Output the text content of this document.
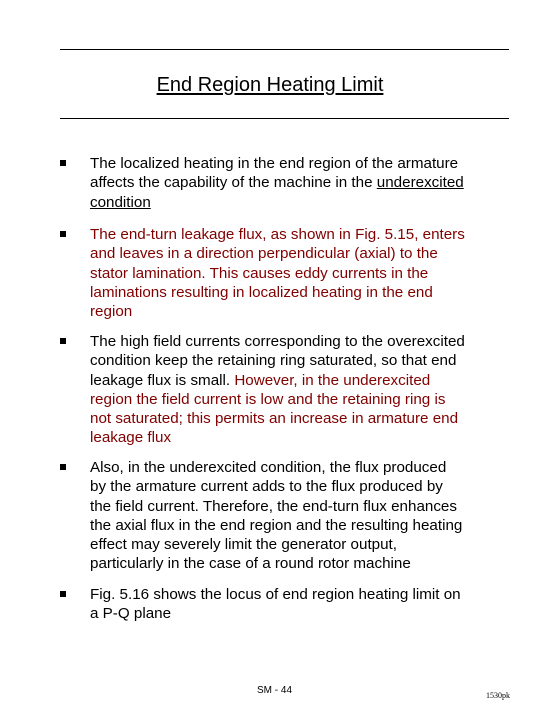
End Region Heating Limit
The localized heating in the end region of the armature
affects the capability of the machine in the underexcited
condition
The end-turn leakage flux, as shown in Fig. 5.15, enters
and leaves in a direction perpendicular (axial) to the
stator lamination. This causes eddy currents in the
laminations resulting in localized heating in the end
region
The high field currents corresponding to the overexcited
condition keep the retaining ring saturated, so that end
leakage flux is small. However, in the underexcited
region the field current is low and the retaining ring is
not saturated; this permits an increase in armature end
leakage flux
Also, in the underexcited condition, the flux produced
by the armature current adds to the flux produced by
the field current. Therefore, the end-turn flux enhances
the axial flux in the end region and the resulting heating
effect may severely limit the generator output,
particularly in the case of a round rotor machine
Fig. 5.16 shows the locus of end region heating limit on
a P-Q plane
SM - 44	1530pk
